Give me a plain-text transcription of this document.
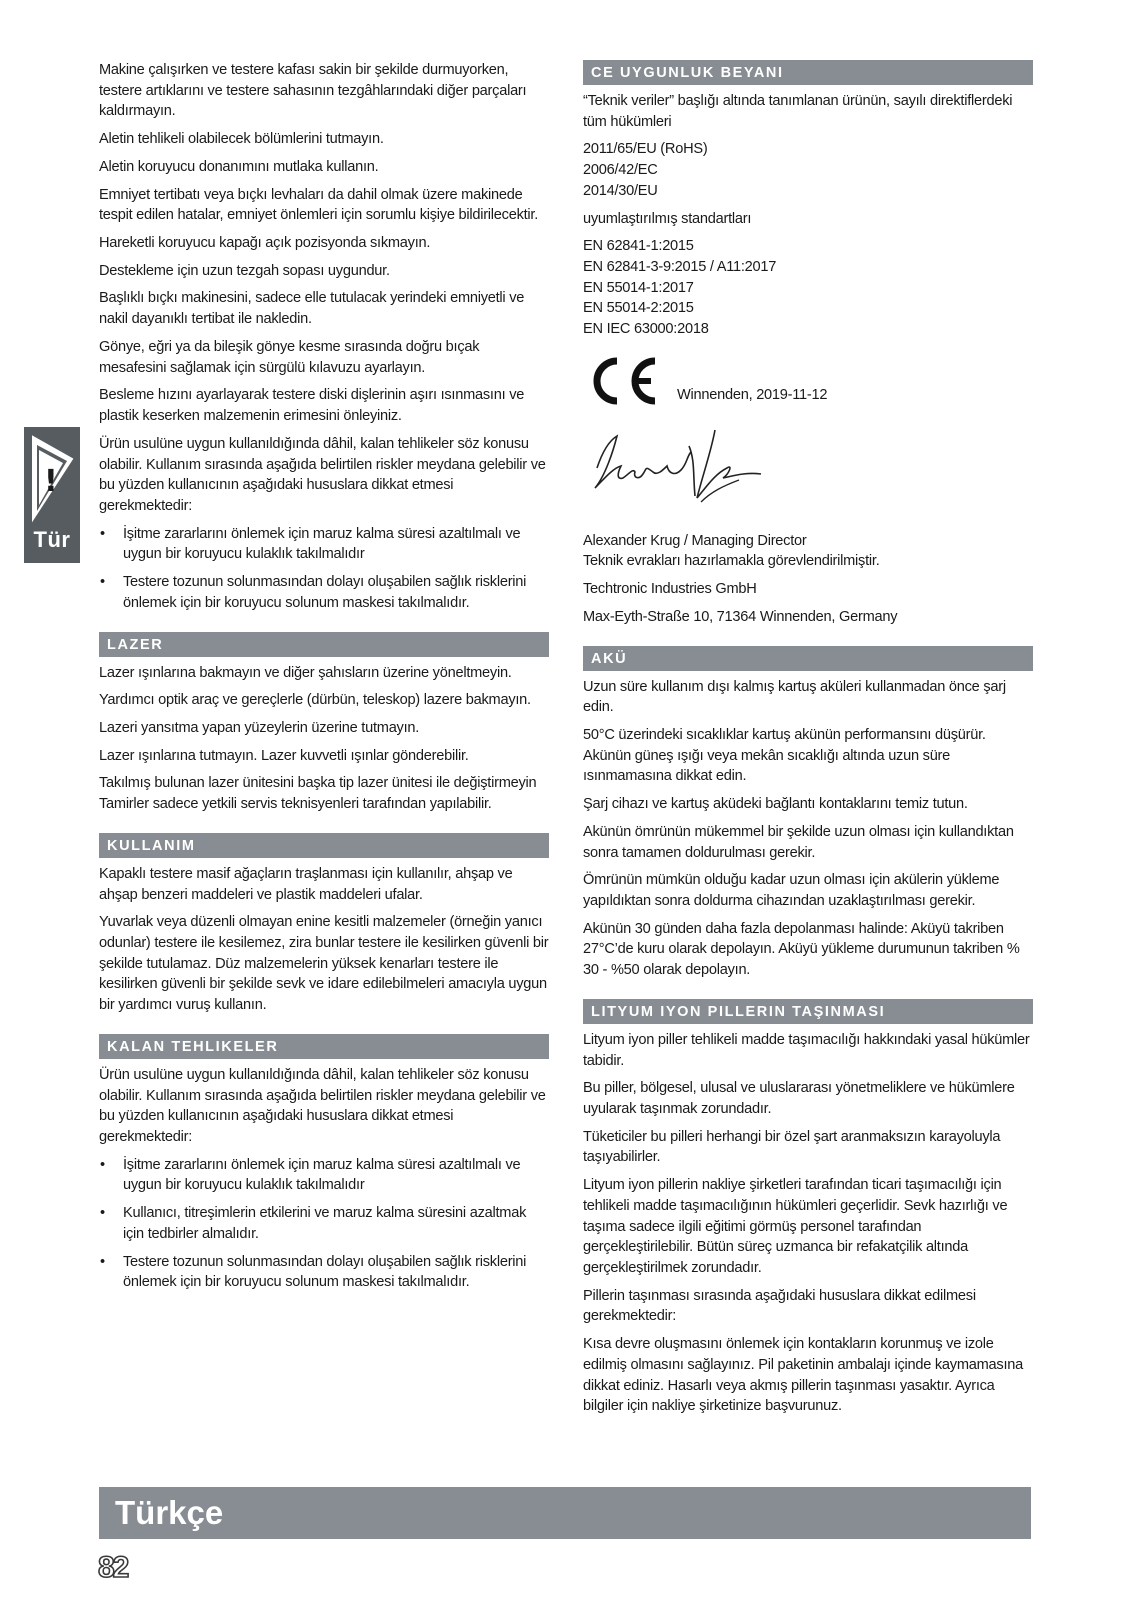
!
Tür

Makine çalışırken ve testere kafası sakin bir şekilde durmuyorken, testere artıklarını ve testere sahasının tezgâhlarındaki diğer parçaları kaldırmayın.

Aletin tehlikeli olabilecek bölümlerini tutmayın.

Aletin koruyucu donanımını mutlaka kullanın.

Emniyet tertibatı veya bıçkı levhaları da dahil olmak üzere makinede tespit edilen hatalar, emniyet önlemleri için sorumlu kişiye bildirilecektir.

Hareketli koruyucu kapağı açık pozisyonda sıkmayın.

Destekleme için uzun tezgah sopası uygundur.

Başlıklı bıçkı makinesini, sadece elle tutulacak yerindeki emniyetli ve nakil dayanıklı tertibat ile nakledin.

Gönye, eğri ya da bileşik gönye kesme sırasında doğru bıçak mesafesini sağlamak için sürgülü kılavuzu ayarlayın.

Besleme hızını ayarlayarak testere diski dişlerinin aşırı ısınmasını ve plastik keserken malzemenin erimesini önleyiniz.

Ürün usulüne uygun kullanıldığında dâhil, kalan tehlikeler söz konusu olabilir. Kullanım sırasında aşağıda belirtilen riskler meydana gelebilir ve bu yüzden kullanıcının aşağıdaki hususlara dikkat etmesi gerekmektedir:

• İşitme zararlarını önlemek için maruz kalma süresi azaltılmalı ve uygun bir koruyucu kulaklık takılmalıdır
• Testere tozunun solunmasından dolayı oluşabilen sağlık risklerini önlemek için bir koruyucu solunum maskesi takılmalıdır.
LAZER

Lazer ışınlarına bakmayın ve diğer şahısların üzerine yöneltmeyin.

Yardımcı optik araç ve gereçlerle (dürbün, teleskop) lazere bakmayın.

Lazeri yansıtma yapan yüzeylerin üzerine tutmayın.

Lazer ışınlarına tutmayın. Lazer kuvvetli ışınlar gönderebilir.

Takılmış bulunan lazer ünitesini başka tip lazer ünitesi ile değiştirmeyin Tamirler sadece yetkili servis teknisyenleri tarafından yapılabilir.

KULLANIM

Kapaklı testere masif ağaçların traşlanması için kullanılır, ahşap ve ahşap benzeri maddeleri ve plastik maddeleri ufalar.

Yuvarlak veya düzenli olmayan enine kesitli malzemeler (örneğin yanıcı odunlar) testere ile kesilemez, zira bunlar testere ile kesilirken güvenli bir şekilde tutulamaz. Düz malzemelerin yüksek kenarları testere ile kesilirken güvenli bir şekilde sevk ve idare edilebilmeleri amacıyla uygun bir yardımcı vuruş kullanın.

KALAN TEHLIKELER

Ürün usulüne uygun kullanıldığında dâhil, kalan tehlikeler söz konusu olabilir. Kullanım sırasında aşağıda belirtilen riskler meydana gelebilir ve bu yüzden kullanıcının aşağıdaki hususlara dikkat etmesi gerekmektedir:

• İşitme zararlarını önlemek için maruz kalma süresi azaltılmalı ve uygun bir koruyucu kulaklık takılmalıdır
• Kullanıcı, titreşimlerin etkilerini ve maruz kalma süresini azaltmak için tedbirler almalıdır.
• Testere tozunun solunmasından dolayı oluşabilen sağlık risklerini önlemek için bir koruyucu solunum maskesi takılmalıdır.
CE UYGUNLUK BEYANI

“Teknik veriler” başlığı altında tanımlanan ürünün, sayılı direktiflerdeki tüm hükümleri

2011/65/EU (RoHS)

2006/42/EC

2014/30/EU

uyumlaştırılmış standartları

EN 62841-1:2015

EN 62841-3-9:2015 / A11:2017

EN 55014-1:2017

EN 55014-2:2015

EN IEC 63000:2018

Winnenden, 2019-11-12

Alexander Krug / Managing Director

Teknik evrakları hazırlamakla görevlendirilmiştir.

Techtronic Industries GmbH

Max-Eyth-Straße 10, 71364 Winnenden, Germany

AKÜ

Uzun süre kullanım dışı kalmış kartuş aküleri kullanmadan önce şarj edin.

50°C üzerindeki sıcaklıklar kartuş akünün performansını düşürür. Akünün güneş ışığı veya mekân sıcaklığı altında uzun süre ısınmamasına dikkat edin.

Şarj cihazı ve kartuş aküdeki bağlantı kontaklarını temiz tutun.

Akünün ömrünün mükemmel bir şekilde uzun olması için kullandıktan sonra tamamen doldurulması gerekir.

Ömrünün mümkün olduğu kadar uzun olması için akülerin yükleme yapıldıktan sonra doldurma cihazından uzaklaştırılması gerekir.

Akünün 30 günden daha fazla depolanması halinde: Aküyü takriben 27°C’de kuru olarak depolayın. Aküyü yükleme durumunun takriben % 30 - %50 olarak depolayın.

LITYUM IYON PILLERIN TAŞINMASI

Lityum iyon piller tehlikeli madde taşımacılığı hakkındaki yasal hükümler tabidir.

Bu piller, bölgesel, ulusal ve uluslararası yönetmeliklere ve hükümlere uyularak taşınmak zorundadır.

Tüketiciler bu pilleri herhangi bir özel şart aranmaksızın karayoluyla taşıyabilirler.

Lityum iyon pillerin nakliye şirketleri tarafından ticari taşımacılığı için tehlikeli madde taşımacılığının hükümleri geçerlidir. Sevk hazırlığı ve taşıma sadece ilgili eğitimi görmüş personel tarafından gerçekleştirilebilir. Bütün süreç uzmanca bir refakatçilik altında gerçekleştirilmek zorundadır.

Pillerin taşınması sırasında aşağıdaki hususlara dikkat edilmesi gerekmektedir:

Kısa devre oluşmasını önlemek için kontakların korunmuş ve izole edilmiş olmasını sağlayınız. Pil paketinin ambalajı içinde kaymamasına dikkat ediniz. Hasarlı veya akmış pillerin taşınması yasaktır. Ayrıca bilgiler için nakliye şirketinize başvurunuz.

Türkçe
82
